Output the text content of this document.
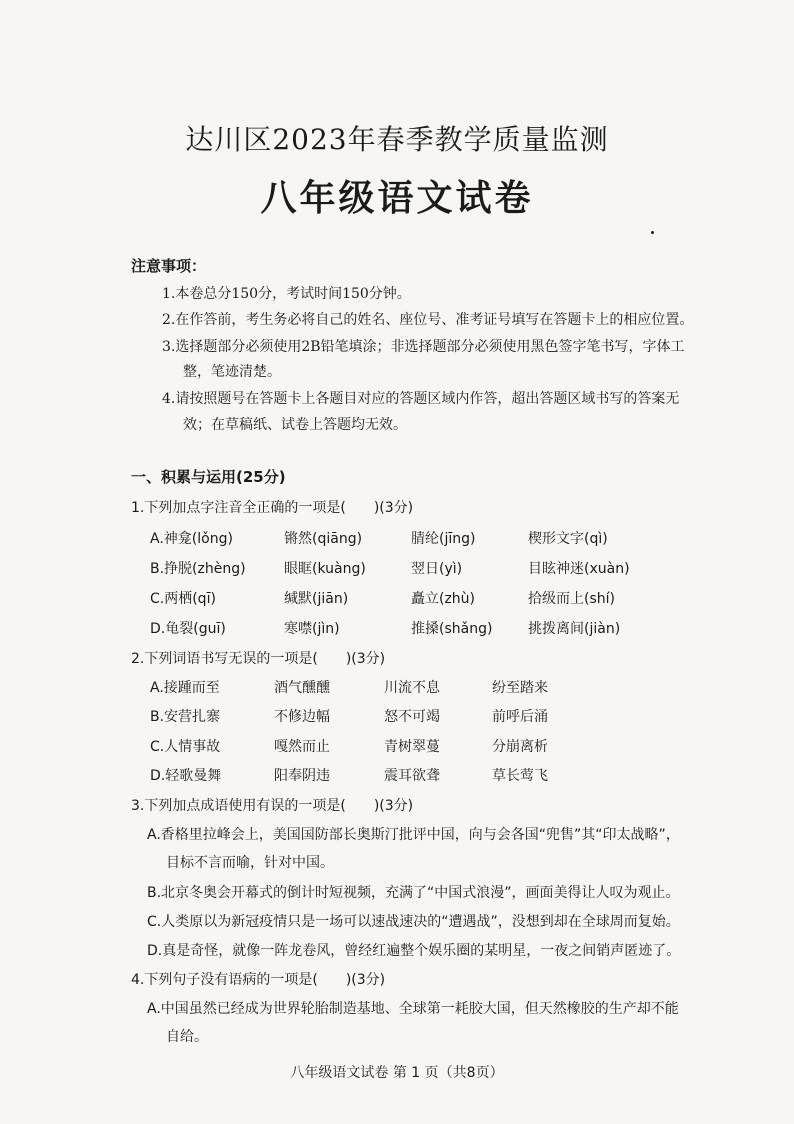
达川区2023年春季教学质量监测
八年级语文试卷
注意事项：
1.本卷总分150分，考试时间150分钟。
2.在作答前，考生务必将自己的姓名、座位号、准考证号填写在答题卡上的相应位置。
3.选择题部分必须使用2B铅笔填涂；非选择题部分必须使用黑色签字笔书写，字体工
整，笔迹清楚。
4.请按照题号在答题卡上各题目对应的答题区域内作答，超出答题区域书写的答案无
效；在草稿纸、试卷上答题均无效。
一、积累与运用(25分)
1.下列加点字注音全正确的一项是(　　)(3分)
A.神龛(lǒng)	锵然(qiāng)	腈纶(jīng)	楔形文字(qì)
B.挣脱(zhèng)	眼眶(kuàng)	翌日(yì)	目眩神迷(xuàn)
C.两栖(qī)	缄默(jiān)	矗立(zhù)	拾级而上(shí)
D.龟裂(guī)	寒噤(jìn)	推搡(shǎng)	挑拨离间(jiàn)
2.下列词语书写无误的一项是(　　)(3分)
A.接踵而至	酒气醺醺	川流不息	纷至踏来
B.安营扎寨	不修边幅	怒不可竭	前呼后涌
C.人情事故	嘎然而止	青树翠蔓	分崩离析
D.轻歌曼舞	阳奉阴违	震耳欲聋	草长莺飞
3.下列加点成语使用有误的一项是(　　)(3分)
A.香格里拉峰会上，美国国防部长奥斯汀批评中国，向与会各国“兜售”其“印太战略”，
目标不言而喻，针对中国。
B.北京冬奥会开幕式的倒计时短视频，充满了“中国式浪漫”，画面美得让人叹为观止。
C.人类原以为新冠疫情只是一场可以速战速决的“遭遇战”，没想到却在全球周而复始。
D.真是奇怪，就像一阵龙卷风，曾经红遍整个娱乐圈的某明星，一夜之间销声匿迹了。
4.下列句子没有语病的一项是(　　)(3分)
A.中国虽然已经成为世界轮胎制造基地、全球第一耗胶大国，但天然橡胶的生产却不能
自给。
八年级语文试卷 第 1 页（共8页）
